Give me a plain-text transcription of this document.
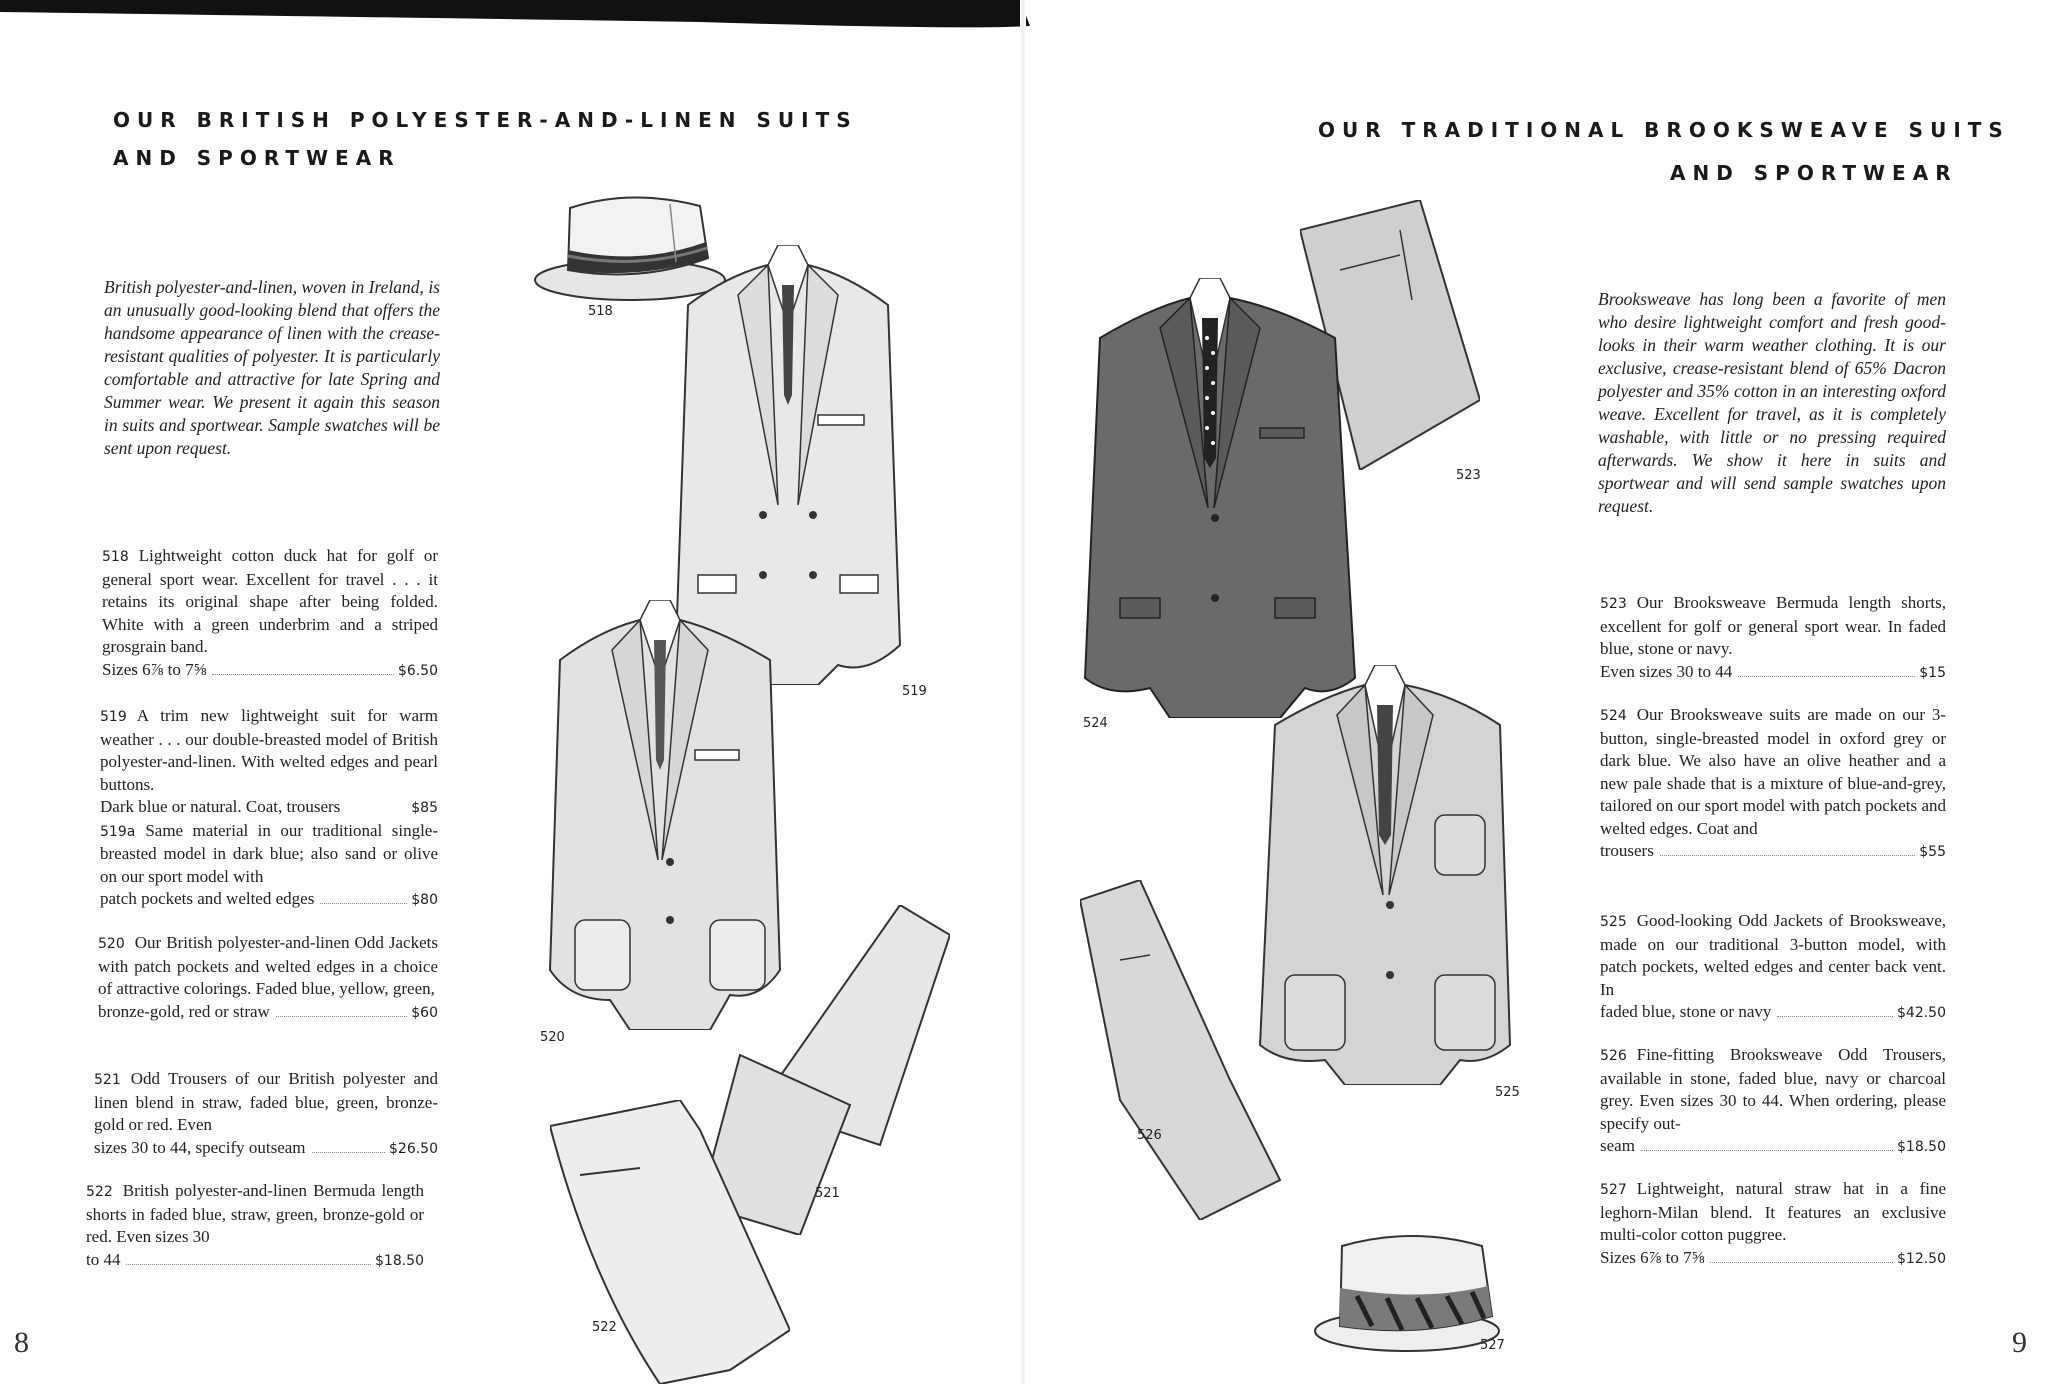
OUR BRITISH POLYESTER-AND-LINEN SUITS
AND SPORTWEAR
British polyester-and-linen, woven in Ireland, is an unusually good-looking blend that offers the handsome appearance of linen with the crease-resistant qualities of polyester. It is particularly comfortable and attractive for late Spring and Summer wear. We present it again this season in suits and sportwear. Sample swatches will be sent upon request.
518 Lightweight cotton duck hat for golf or general sport wear. Excellent for travel . . . it retains its original shape after being folded. White with a green underbrim and a striped grosgrain band.
Sizes 6⅞ to 7⅝	$6.50
519 A trim new lightweight suit for warm weather . . . our double-breasted model of British polyester-and-linen. With welted edges and pearl buttons.
Dark blue or natural. Coat, trousers	$85
519a Same material in our traditional single-breasted model in dark blue; also sand or olive on our sport model with
patch pockets and welted edges	$80
520 Our British polyester-and-linen Odd Jackets with patch pockets and welted edges in a choice of attractive colorings. Faded blue, yellow, green,
bronze-gold, red or straw	$60
521 Odd Trousers of our British polyester and linen blend in straw, faded blue, green, bronze-gold or red. Even
sizes 30 to 44, specify outseam	$26.50
522 British polyester-and-linen Bermuda length shorts in faded blue, straw, green, bronze-gold or red. Even sizes 30
to 44	$18.50
8
518
519
520
521
522
OUR TRADITIONAL BROOKSWEAVE SUITS
AND SPORTWEAR
Brooksweave has long been a favorite of men who desire lightweight comfort and fresh good-looks in their warm weather clothing. It is our exclusive, crease-resistant blend of 65% Dacron polyester and 35% cotton in an interesting oxford weave. Excellent for travel, as it is completely washable, with little or no pressing required afterwards. We show it here in suits and sportwear and will send sample swatches upon request.
523 Our Brooksweave Bermuda length shorts, excellent for golf or general sport wear. In faded blue, stone or navy.
Even sizes 30 to 44	$15
524 Our Brooksweave suits are made on our 3-button, single-breasted model in oxford grey or dark blue. We also have an olive heather and a new pale shade that is a mixture of blue-and-grey, tailored on our sport model with patch pockets and welted edges. Coat and
trousers	$55
525 Good-looking Odd Jackets of Brooksweave, made on our traditional 3-button model, with patch pockets, welted edges and center back vent. In
faded blue, stone or navy	$42.50
526 Fine-fitting Brooksweave Odd Trousers, available in stone, faded blue, navy or charcoal grey. Even sizes 30 to 44. When ordering, please specify out-
seam	$18.50
527 Lightweight, natural straw hat in a fine leghorn-Milan blend. It features an exclusive multi-color cotton puggree.
Sizes 6⅞ to 7⅝	$12.50
9
523
524
525
526
527
